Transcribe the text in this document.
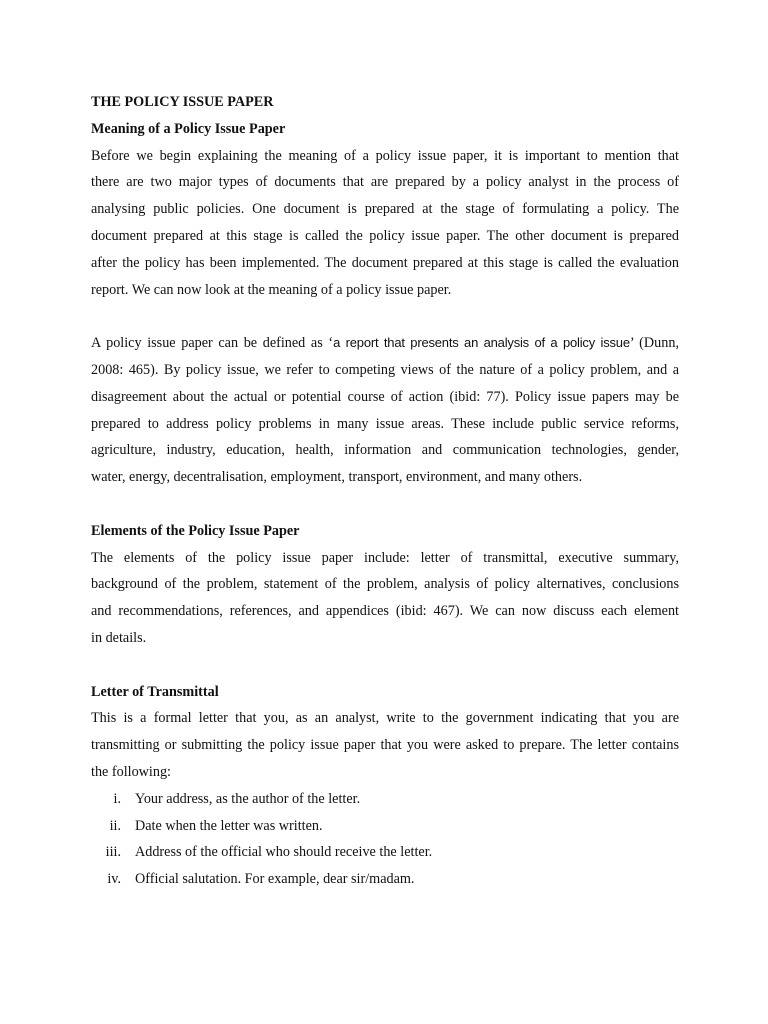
THE POLICY ISSUE PAPER
Meaning of a Policy Issue Paper
Before we begin explaining the meaning of a policy issue paper, it is important to mention that
there are two major types of documents that are prepared by a policy analyst in the process of
analysing public policies. One document is prepared at the stage of formulating a policy. The
document prepared at this stage is called the policy issue paper. The other document is prepared
after the policy has been implemented. The document prepared at this stage is called the evaluation
report. We can now look at the meaning of a policy issue paper.
A policy issue paper can be defined as ‘a report that presents an analysis of a policy issue’ (Dunn,
2008: 465). By policy issue, we refer to competing views of the nature of a policy problem, and a
disagreement about the actual or potential course of action (ibid: 77). Policy issue papers may be
prepared to address policy problems in many issue areas. These include public service reforms,
agriculture, industry, education, health, information and communication technologies, gender,
water, energy, decentralisation, employment, transport, environment, and many others.
Elements of the Policy Issue Paper
The elements of the policy issue paper include: letter of transmittal, executive summary,
background of the problem, statement of the problem, analysis of policy alternatives, conclusions
and recommendations, references, and appendices (ibid: 467). We can now discuss each element
in details.
Letter of Transmittal
This is a formal letter that you, as an analyst, write to the government indicating that you are
transmitting or submitting the policy issue paper that you were asked to prepare. The letter contains
the following:
i. Your address, as the author of the letter.
ii. Date when the letter was written.
iii. Address of the official who should receive the letter.
iv. Official salutation. For example, dear sir/madam.
